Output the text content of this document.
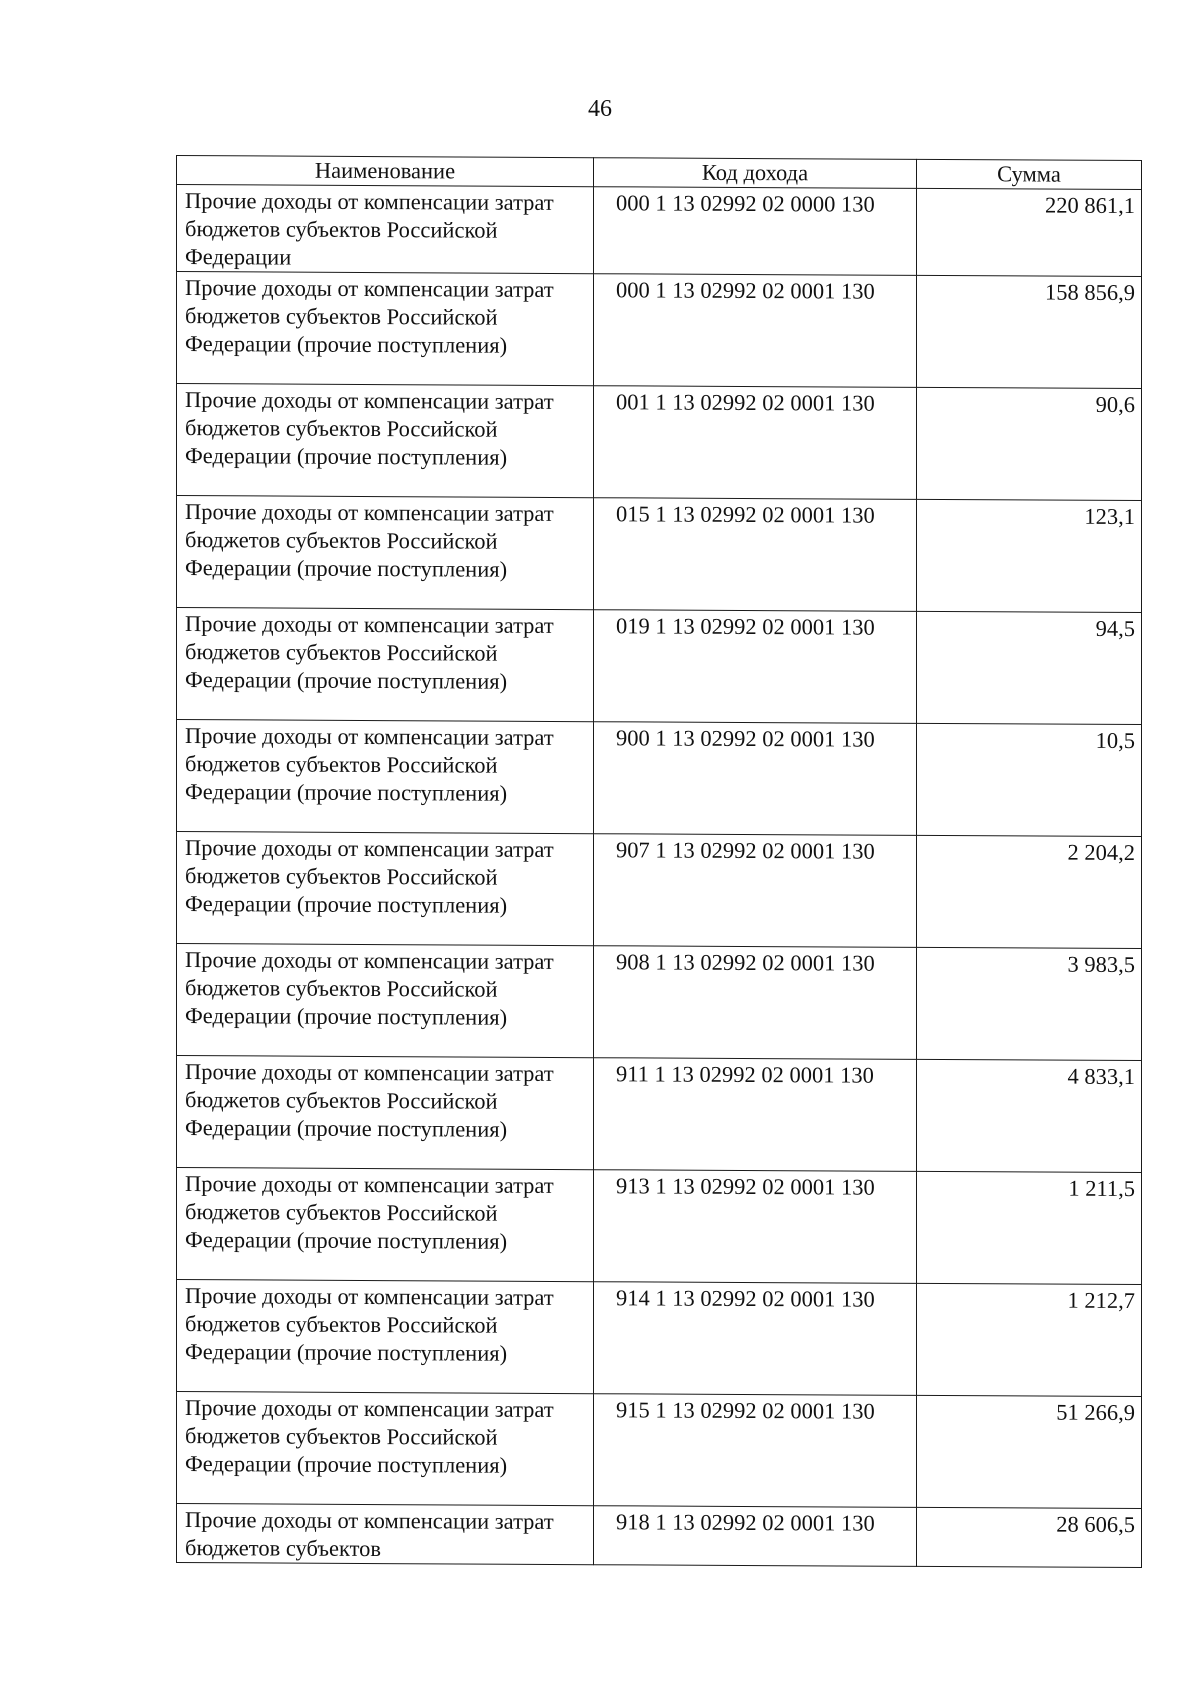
46
Наименование	Код дохода	Сумма
Прочие доходы от компенсации затрат бюджетов субъектов Российской Федерации	000 1 13 02992 02 0000 130	220 861,1
Прочие доходы от компенсации затрат бюджетов субъектов Российской Федерации (прочие поступления)	000 1 13 02992 02 0001 130	158 856,9
Прочие доходы от компенсации затрат бюджетов субъектов Российской Федерации (прочие поступления)	001 1 13 02992 02 0001 130	90,6
Прочие доходы от компенсации затрат бюджетов субъектов Российской Федерации (прочие поступления)	015 1 13 02992 02 0001 130	123,1
Прочие доходы от компенсации затрат бюджетов субъектов Российской Федерации (прочие поступления)	019 1 13 02992 02 0001 130	94,5
Прочие доходы от компенсации затрат бюджетов субъектов Российской Федерации (прочие поступления)	900 1 13 02992 02 0001 130	10,5
Прочие доходы от компенсации затрат бюджетов субъектов Российской Федерации (прочие поступления)	907 1 13 02992 02 0001 130	2 204,2
Прочие доходы от компенсации затрат бюджетов субъектов Российской Федерации (прочие поступления)	908 1 13 02992 02 0001 130	3 983,5
Прочие доходы от компенсации затрат бюджетов субъектов Российской Федерации (прочие поступления)	911 1 13 02992 02 0001 130	4 833,1
Прочие доходы от компенсации затрат бюджетов субъектов Российской Федерации (прочие поступления)	913 1 13 02992 02 0001 130	1 211,5
Прочие доходы от компенсации затрат бюджетов субъектов Российской Федерации (прочие поступления)	914 1 13 02992 02 0001 130	1 212,7
Прочие доходы от компенсации затрат бюджетов субъектов Российской Федерации (прочие поступления)	915 1 13 02992 02 0001 130	51 266,9
Прочие доходы от компенсации затрат бюджетов субъектов	918 1 13 02992 02 0001 130	28 606,5
